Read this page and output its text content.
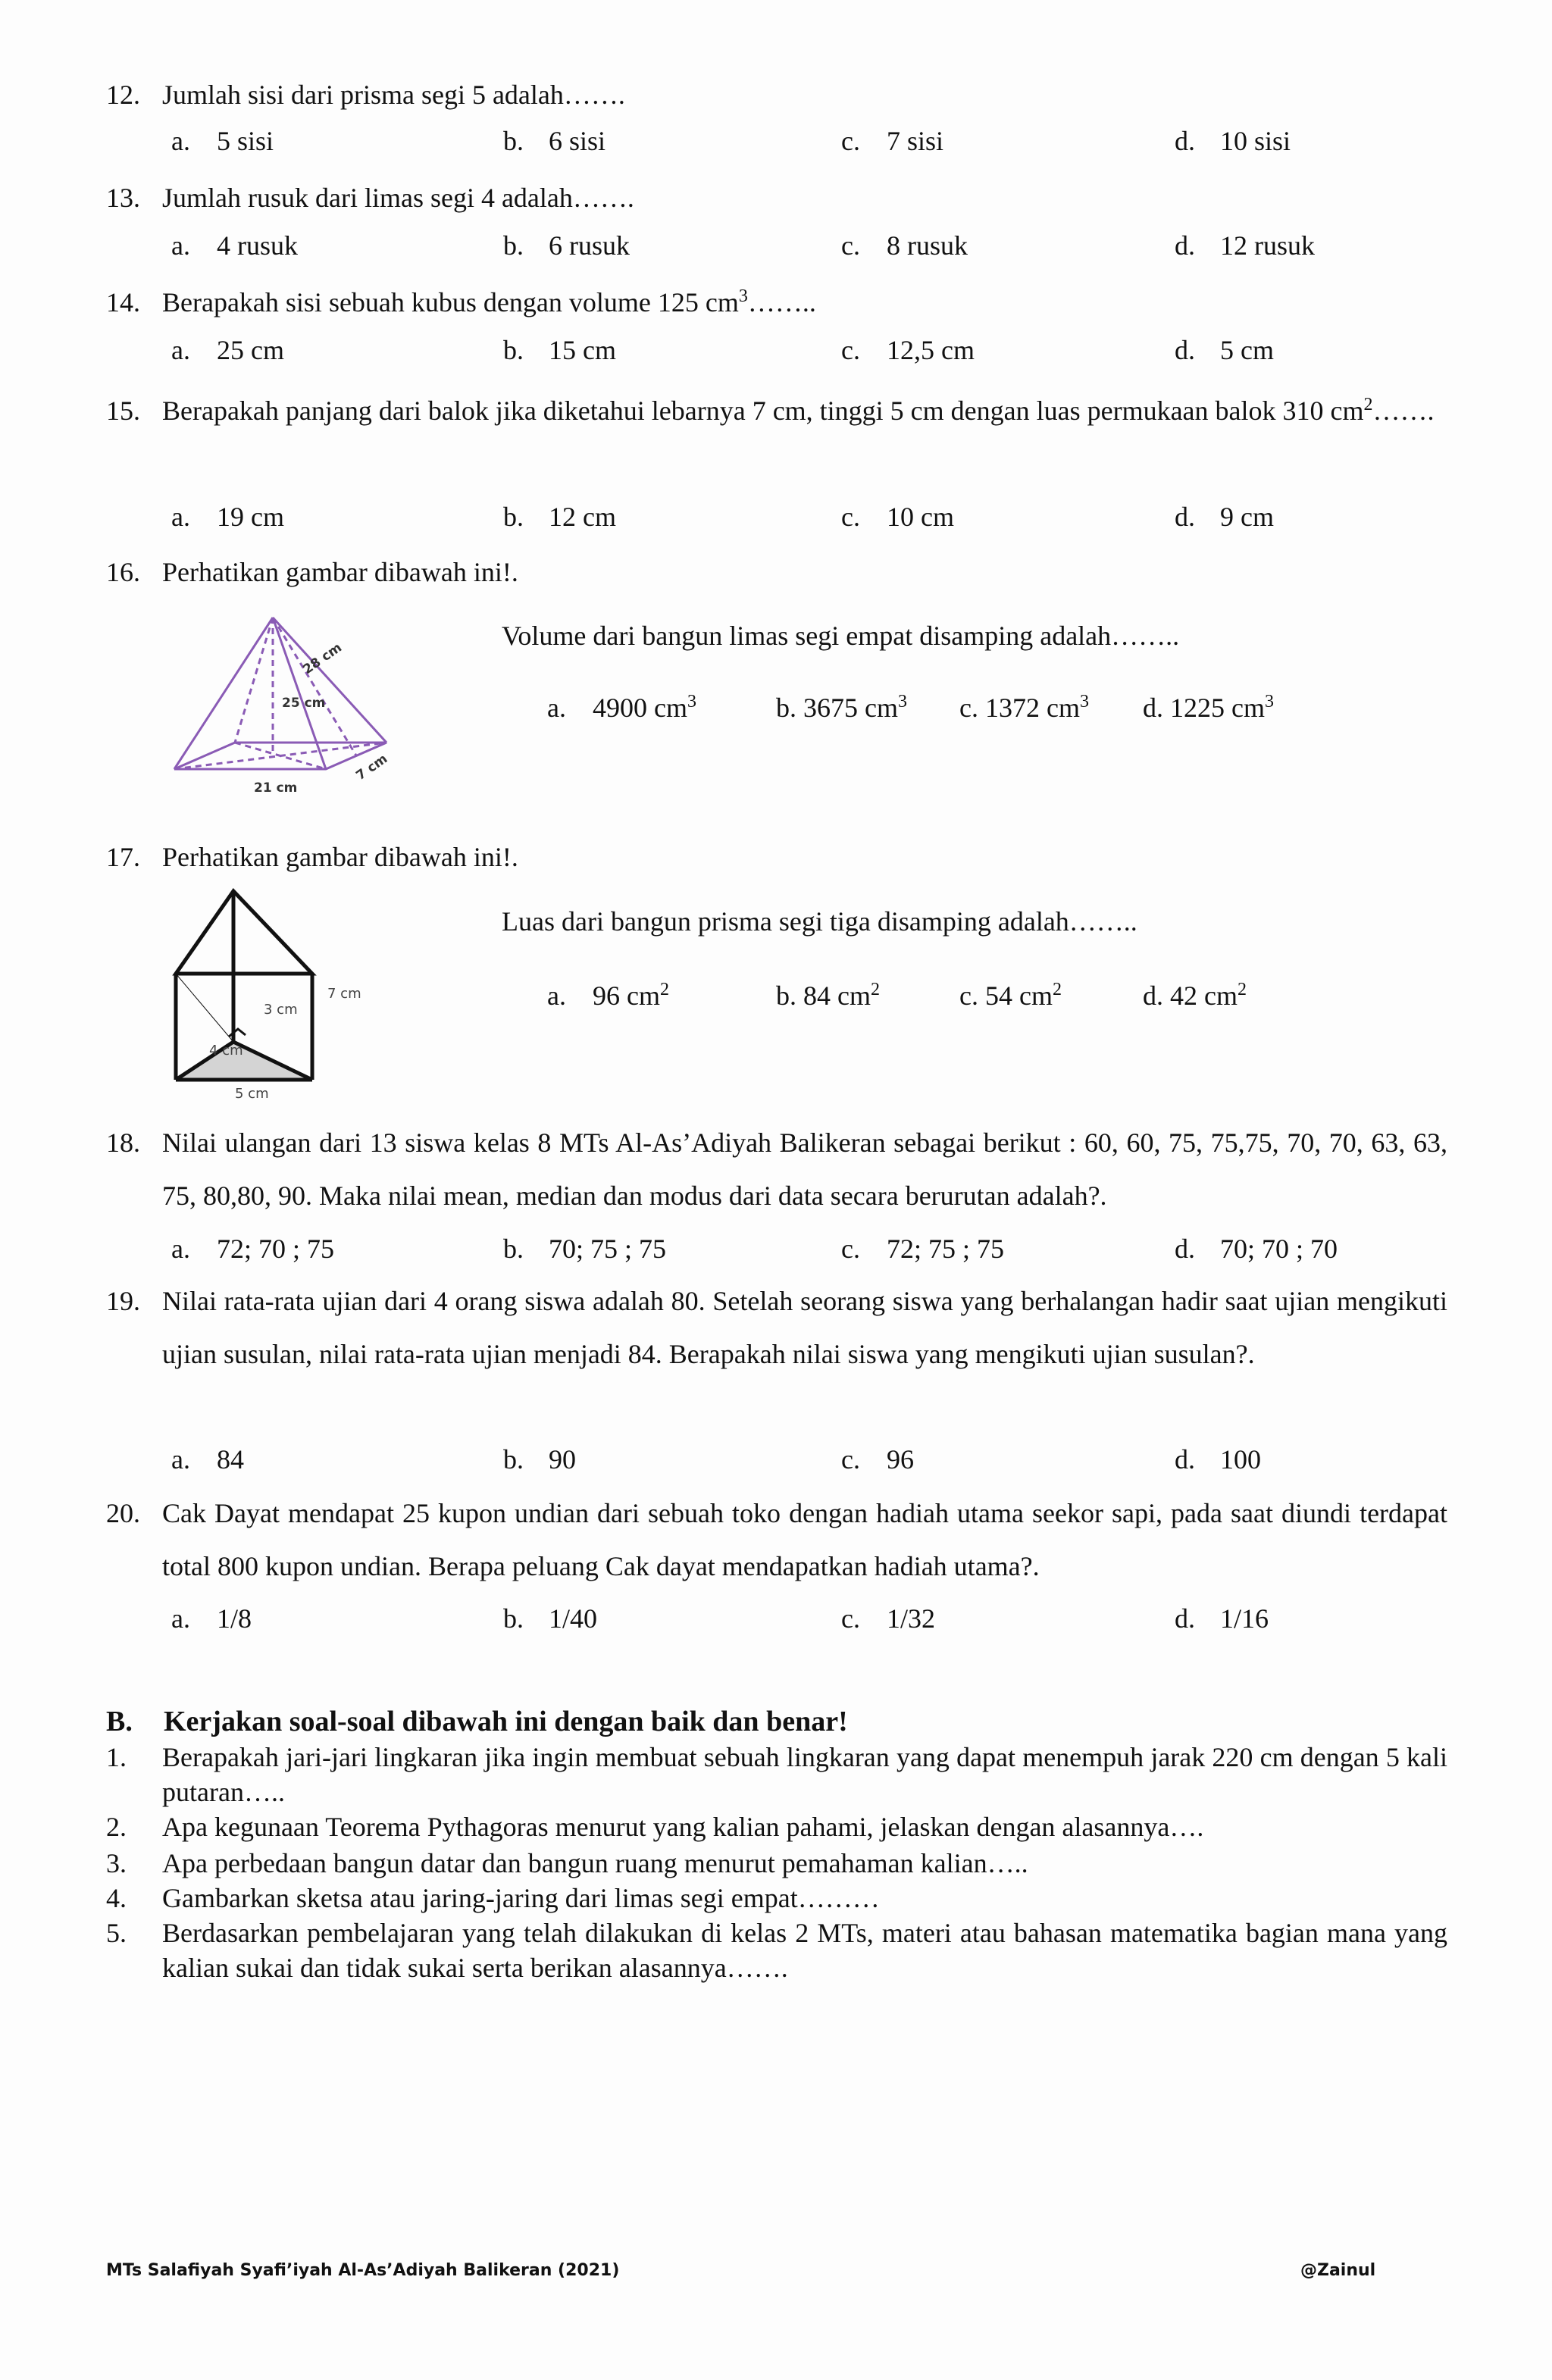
12. Jumlah sisi dari prisma segi 5 adalah…….
a. 5 sisi	b. 6 sisi	c. 7 sisi	d. 10 sisi
13. Jumlah rusuk dari limas segi 4 adalah…….
a. 4 rusuk	b. 6 rusuk	c. 8 rusuk	d. 12 rusuk
14. Berapakah sisi sebuah kubus dengan volume 125 $cm^3\dots\dots$..
a. 25 cm	b. 15 cm	c. 12,5 cm	d. 5 cm
15. Berapakah panjang dari balok jika diketahui lebarnya 7 cm, tinggi 5 cm dengan luas permukaan balok 310 $cm^2\dots\dots$.
a. 19 cm	b. 12 cm	c. 10 cm	d. 9 cm
16. Perhatikan gambar dibawah ini!.
28 cm
25 cm
21 cm
7 cm
Volume dari bangun limas segi empat disamping adalah……..
a. 4900 $cm^3$	b. 3675 $cm^3$ c. 1372 $cm^3$ d. 1225 $cm^3$
17. Perhatikan gambar dibawah ini!.
7 cm
3 cm
4 cm
5 cm
Luas dari bangun prisma segi tiga disamping adalah……..
a. 96 $cm^2$	b. 84 $cm^2$	c. 54 $cm^2$	d. 42 $cm^2$
18. Nilai ulangan dari 13 siswa kelas 8 MTs Al-As’Adiyah Balikeran sebagai berikut : 60, 60, 75, 75,75, 70, 70, 63, 63, 75, 80,80, 90. Maka nilai mean, median dan modus dari data secara berurutan adalah?.
a. 72; 70 ; 75	b. 70; 75 ; 75	c. 72; 75 ; 75	d. 70; 70 ; 70
19. Nilai rata-rata ujian dari 4 orang siswa adalah 80. Setelah seorang siswa yang berhalangan hadir saat ujian mengikuti ujian susulan, nilai rata-rata ujian menjadi 84. Berapakah nilai siswa yang mengikuti ujian susulan?.
a. 84	b. 90	c. 96	d. 100
20. Cak Dayat mendapat 25 kupon undian dari sebuah toko dengan hadiah utama seekor sapi, pada saat diundi terdapat total 800 kupon undian. Berapa peluang Cak dayat mendapatkan hadiah utama?.
a. 1/8	b. 1/40	c. 1/32	d. 1/16
B. Kerjakan soal-soal dibawah ini dengan baik dan benar!
1. Berapakah jari-jari lingkaran jika ingin membuat sebuah lingkaran yang dapat menempuh jarak 220 cm dengan 5 kali putaran…..
2. Apa kegunaan Teorema Pythagoras menurut yang kalian pahami, jelaskan dengan alasannya….
3. Apa perbedaan bangun datar dan bangun ruang menurut pemahaman kalian…..
4. Gambarkan sketsa atau jaring-jaring dari limas segi empat………
5. Berdasarkan pembelajaran yang telah dilakukan di kelas 2 MTs, materi atau bahasan matematika bagian mana yang kalian sukai dan tidak sukai serta berikan alasannya…….
MTs Salafiyah Syafi’iyah Al-As’Adiyah Balikeran (2021)	@Zainul
